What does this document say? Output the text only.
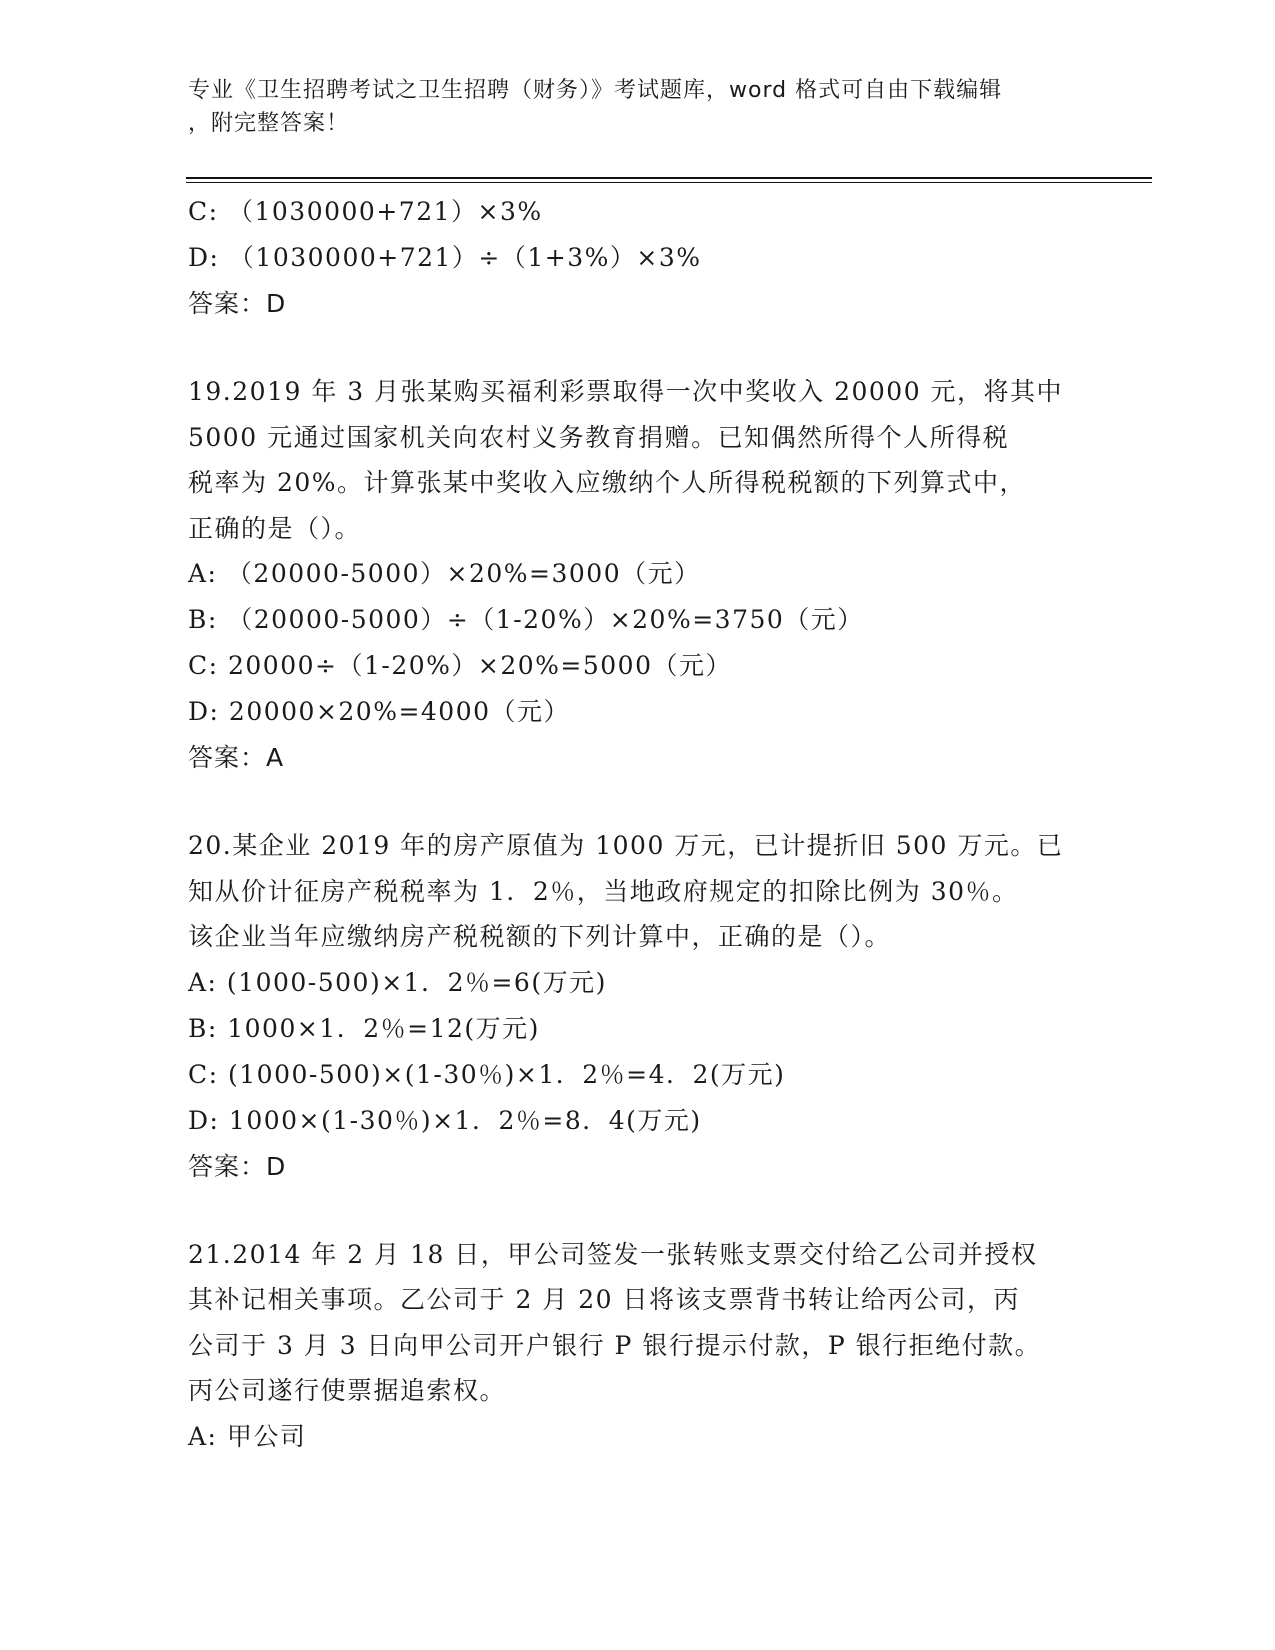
专业《卫生招聘考试之卫生招聘（财务）》考试题库，word 格式可自由下载编辑
，附完整答案！
C: （1030000+721）×3%
D: （1030000+721）÷（1+3%）×3%
答案：D
19.2019 年 3 月张某购买福利彩票取得一次中奖收入 20000 元，将其中
5000 元通过国家机关向农村义务教育捐赠。已知偶然所得个人所得税
税率为 20%。计算张某中奖收入应缴纳个人所得税税额的下列算式中，
正确的是（）。
A: （20000-5000）×20%=3000（元）
B: （20000-5000）÷（1-20%）×20%=3750（元）
C: 20000÷（1-20%）×20%=5000（元）
D: 20000×20%=4000（元）
答案：A
20.某企业 2019 年的房产原值为 1000 万元，已计提折旧 500 万元。已
知从价计征房产税税率为 1．2％，当地政府规定的扣除比例为 30％。
该企业当年应缴纳房产税税额的下列计算中，正确的是（）。
A: (1000-500)×1．2％=6(万元)
B: 1000×1．2％=12(万元)
C: (1000-500)×(1-30％)×1．2％=4．2(万元)
D: 1000×(1-30％)×1．2％=8．4(万元)
答案：D
21.2014 年 2 月 18 日，甲公司签发一张转账支票交付给乙公司并授权
其补记相关事项。乙公司于 2 月 20 日将该支票背书转让给丙公司，丙
公司于 3 月 3 日向甲公司开户银行 P 银行提示付款，P 银行拒绝付款。
丙公司遂行使票据追索权。
A: 甲公司
